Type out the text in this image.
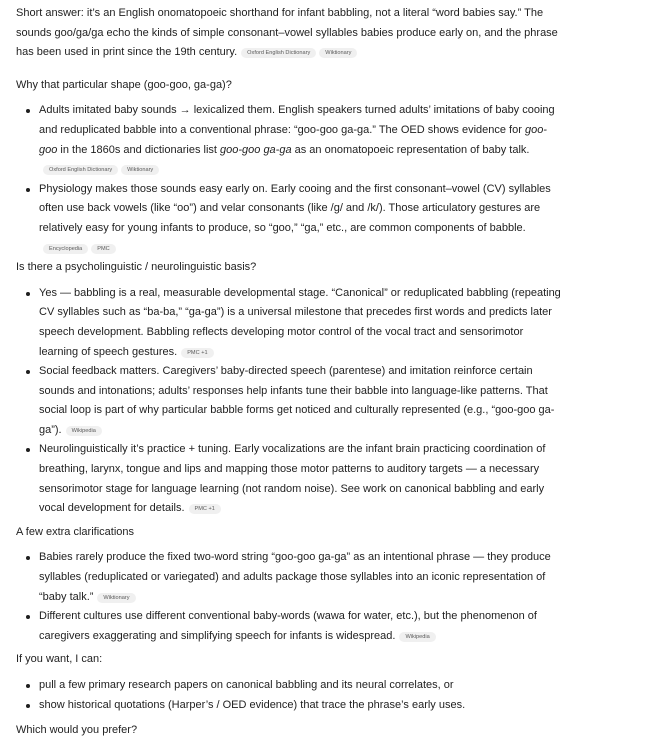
Short answer: it’s an English onomatopoeic shorthand for infant babbling, not a literal “word babies say.” The sounds goo/ga/ga echo the kinds of simple consonant–vowel syllables babies produce early on, and the phrase has been used in print since the 19th century. Oxford English Dictionary	Wiktionary

Why that particular shape (goo-goo, ga-ga)?

Adults imitated baby sounds → lexicalized them. English speakers turned adults’ imitations of baby cooing and reduplicated babble into a conventional phrase: “goo-goo ga-ga.” The OED shows evidence for goo-goo in the 1860s and dictionaries list goo-goo ga-ga as an onomatopoeic representation of baby talk.Oxford English Dictionary	Wiktionary
Physiology makes those sounds easy early on. Early cooing and the first consonant–vowel (CV) syllables often use back vowels (like “oo”) and velar consonants (like /g/ and /k/). Those articulatory gestures are relatively easy for young infants to produce, so “goo,” “ga,” etc., are common components of babble.Encyclopedia	PMC

Is there a psycholinguistic / neurolinguistic basis?

Yes — babbling is a real, measurable developmental stage. “Canonical” or reduplicated babbling (repeating CV syllables such as “ba-ba,” “ga-ga”) is a universal milestone that precedes first words and predicts later speech development. Babbling reflects developing motor control of the vocal tract and sensorimotor learning of speech gestures. PMC +1
Social feedback matters. Caregivers’ baby-directed speech (parentese) and imitation reinforce certain sounds and intonations; adults’ responses help infants tune their babble into language-like patterns. That social loop is part of why particular babble forms get noticed and culturally represented (e.g., “goo-goo ga-ga”). Wikipedia
Neurolinguistically it’s practice + tuning. Early vocalizations are the infant brain practicing coordination of breathing, larynx, tongue and lips and mapping those motor patterns to auditory targets — a necessary sensorimotor stage for language learning (not random noise). See work on canonical babbling and early vocal development for details. PMC +1

A few extra clarifications

Babies rarely produce the fixed two-word string “goo-goo ga-ga” as an intentional phrase — they produce syllables (reduplicated or variegated) and adults package those syllables into an iconic representation of “baby talk.” Wiktionary
Different cultures use different conventional baby-words (wawa for water, etc.), but the phenomenon of caregivers exaggerating and simplifying speech for infants is widespread. Wikipedia

If you want, I can:

pull a few primary research papers on canonical babbling and its neural correlates, or
show historical quotations (Harper’s / OED evidence) that trace the phrase’s early uses.

Which would you prefer?
